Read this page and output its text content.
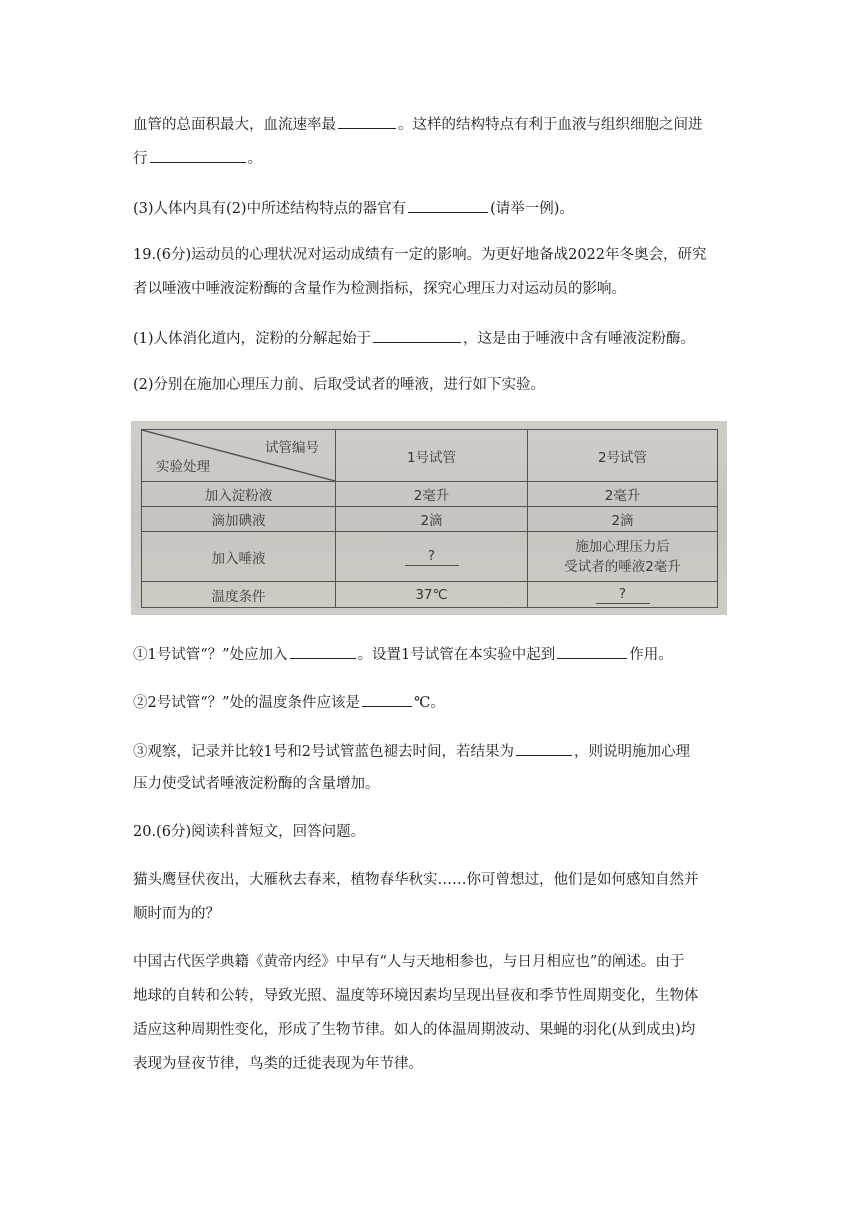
血管的总面积最大，血流速率最	。这样的结构特点有利于血液与组织细胞之间进
行	。
(3)人体内具有(2)中所述结构特点的器官有	(请举一例)。
19.(6分)运动员的心理状况对运动成绩有一定的影响。为更好地备战2022年冬奥会，研究
者以唾液中唾液淀粉酶的含量作为检测指标，探究心理压力对运动员的影响。
(1)人体消化道内，淀粉的分解起始于	，这是由于唾液中含有唾液淀粉酶。
(2)分别在施加心理压力前、后取受试者的唾液，进行如下实验。
试管编号
实验处理	1号试管	2号试管
加入淀粉液	2毫升	2毫升
滴加碘液	2滴	2滴
加入唾液	?	施加心理压力后
受试者的唾液2毫升

温度条件	37℃	?
①1号试管“？”处应加入	。设置1号试管在本实验中起到	作用。
②2号试管“？”处的温度条件应该是	℃。
③观察，记录并比较1号和2号试管蓝色褪去时间，若结果为	，则说明施加心理
压力使受试者唾液淀粉酶的含量增加。
20.(6分)阅读科普短文，回答问题。
猫头鹰昼伏夜出，大雁秋去春来，植物春华秋实……你可曾想过，他们是如何感知自然并
顺时而为的？
中国古代医学典籍《黄帝内经》中早有“人与天地相参也，与日月相应也”的阐述。由于
地球的自转和公转，导致光照、温度等环境因素均呈现出昼夜和季节性周期变化，生物体
适应这种周期性变化，形成了生物节律。如人的体温周期波动、果蝇的羽化(从到成虫)均
表现为昼夜节律，鸟类的迁徙表现为年节律。
